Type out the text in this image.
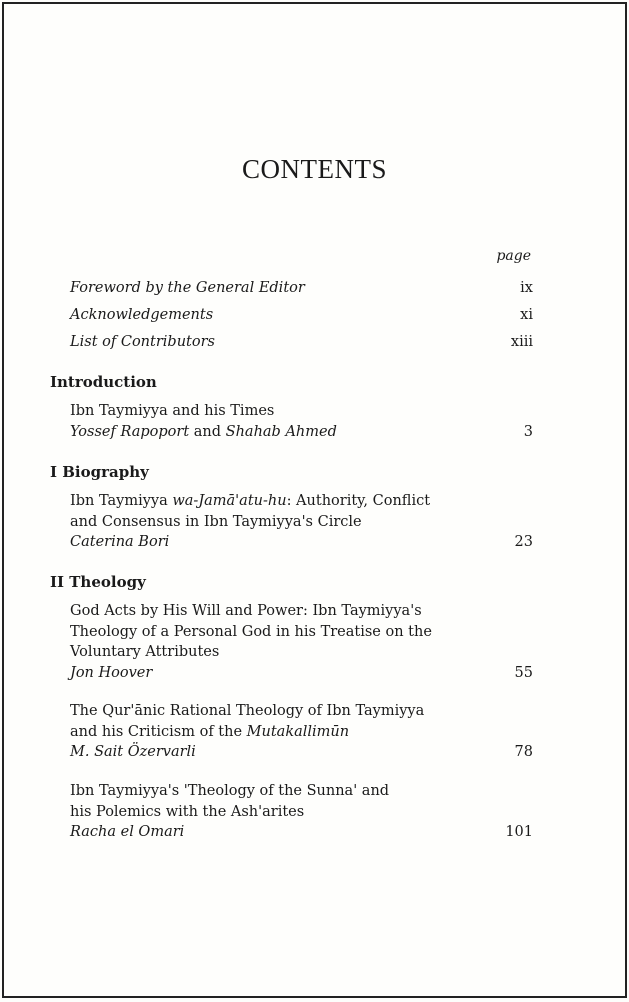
CONTENTS
page
Foreword by the General Editor	ix
Acknowledgements	xi
List of Contributors	xiii
Introduction
Ibn Taymiyya and his Times
Yossef Rapoport and Shahab Ahmed	3
I Biography
Ibn Taymiyya wa-Jamā'atu-hu: Authority, Conflict
and Consensus in Ibn Taymiyya's Circle
Caterina Bori	23
II Theology
God Acts by His Will and Power: Ibn Taymiyya's
Theology of a Personal God in his Treatise on the
Voluntary Attributes
Jon Hoover	55
The Qur'ānic Rational Theology of Ibn Taymiyya
and his Criticism of the Mutakallimūn
M. Sait Özervarli	78
Ibn Taymiyya's 'Theology of the Sunna' and
his Polemics with the Ash'arites
Racha el Omari	101
